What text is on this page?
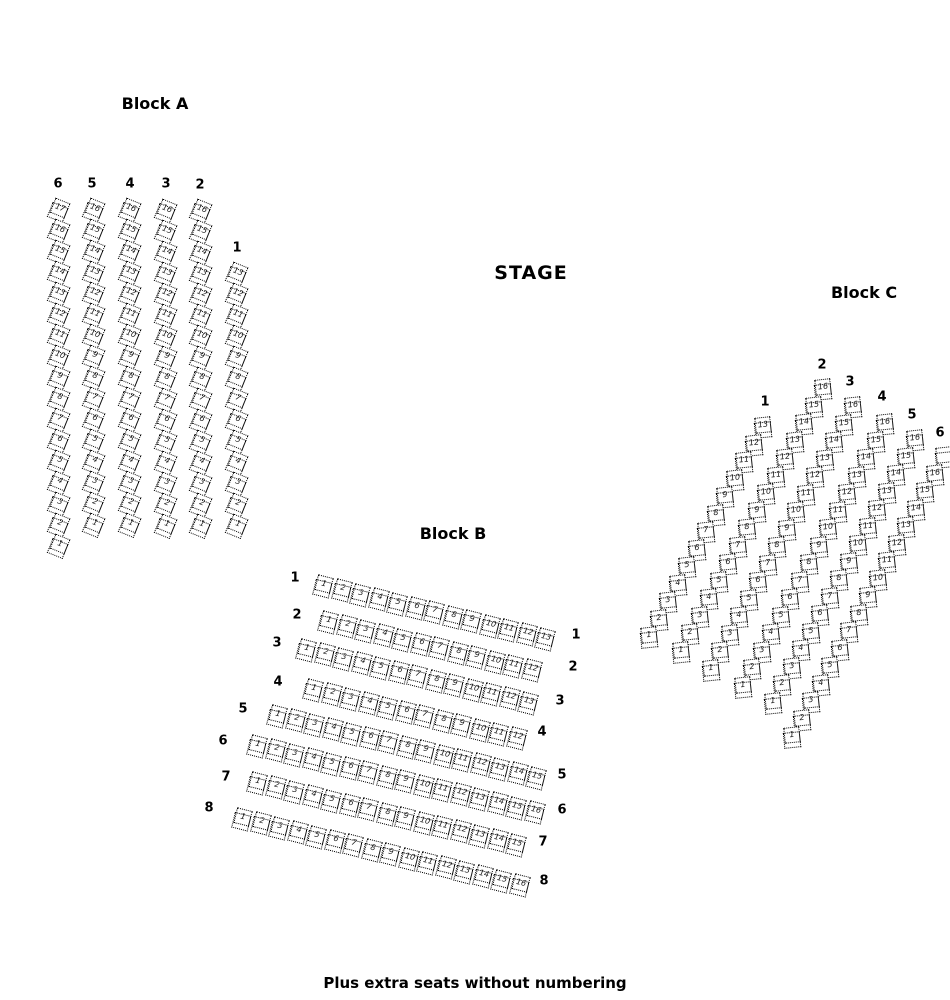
Block A
Block B
Block C
STAGE
Plus extra seats without numbering
6
17
16
15
14
13
12
11
10
9
8
7
6
5
4
3
2
1
5
16
15
14
13
12
11
10
9
8
7
6
5
4
3
2
1
4
16
15
14
13
12
11
10
9
8
7
6
5
4
3
2
1
3
16
15
14
13
12
11
10
9
8
7
6
5
4
3
2
1
2
16
15
14
13
12
11
10
9
8
7
6
5
4
3
2
1
1
13
12
11
10
9
8
7
6
5
4
3
2
1
1
1
1 2 3 4 5 6 7 8 9 10 11 12 13
2
2
1 2 3 4 5 6 7 8 9 10 11 12
3
3
1 2 3 4 5 6 7 8 9 10 11 12 13
4
4
1 2 3 4 5 6 7 8 9 10 11 12
5
5
1 2 3 4 5 6 7 8 9 10 11 12 13 14 15
6
6
1 2 3 4 5 6 7 8 9 10 11 12 13 14 15 16
7
7
1 2 3 4 5 6 7 8 9 10 11 12 13 14 15
8
8
1 2 3 4 5 6 7 8 9 10 11 12 13 14 15 16
1
13
12
11
10
9
8
7
6
5
4
3
2
1
2
16
15
14
13
12
11
10
9
8
7
6
5
4
3
2
1
3
16
15
14
13
12
11
10
9
8
7
6
5
4
3
2
1
4
16
15
14
13
12
11
10
9
8
7
6
5
4
3
2
1
5
16
15
14
13
12
11
10
9
8
7
6
5
4
3
2
1
6
16
15
14
13
12
11
10
9
8
7
6
5
4
3
2
1
